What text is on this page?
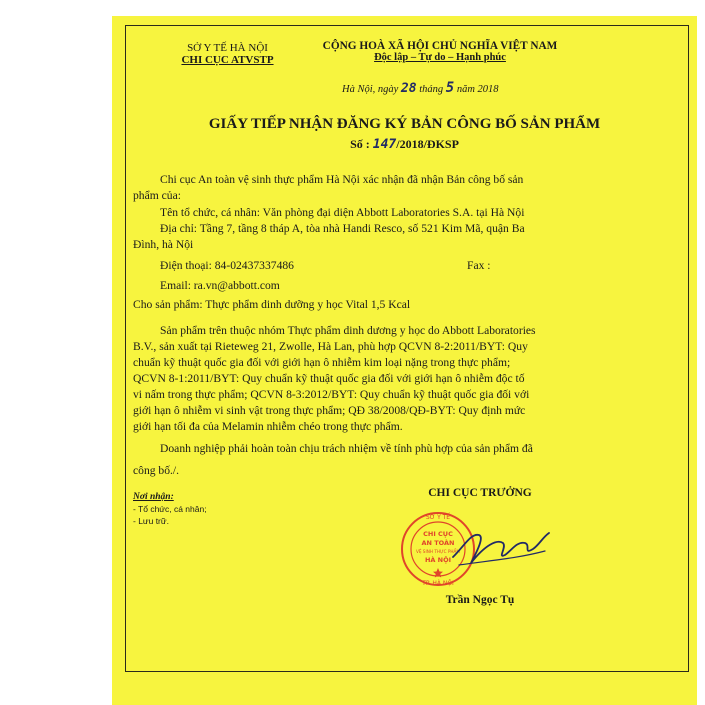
SỞ Y TẾ HÀ NỘI
CHI CỤC ATVSTP
CỘNG HOÀ XÃ HỘI CHỦ NGHĨA VIỆT NAM
Độc lập – Tự do – Hạnh phúc
Hà Nội, ngày 28 tháng 5 năm 2018
GIẤY TIẾP NHẬN ĐĂNG KÝ BẢN CÔNG BỐ SẢN PHẨM
Số : 147/2018/ĐKSP
Chi cục An toàn vệ sinh thực phẩm Hà Nội xác nhận đã nhận Bản công bố sản
phẩm của:
Tên tổ chức, cá nhân: Văn phòng đại diện Abbott Laboratories S.A. tại Hà Nội
Địa chỉ: Tầng 7, tầng 8 tháp A, tòa nhà Handi Resco, số 521 Kim Mã, quận Ba
Đình, hà Nội
Điện thoại: 84-02437337486	Fax :
Email: ra.vn@abbott.com
Cho sản phẩm: Thực phẩm dinh dưỡng y học Vital 1,5 Kcal
Sản phẩm trên thuộc nhóm Thực phẩm dinh dương y học do Abbott Laboratories
B.V., sản xuất tại Rieteweg 21, Zwolle, Hà Lan, phù hợp QCVN 8-2:2011/BYT: Quy
chuẩn kỹ thuật quốc gia đối với giới hạn ô nhiễm kim loại nặng trong thực phẩm;
QCVN 8-1:2011/BYT: Quy chuẩn kỹ thuật quốc gia đối với giới hạn ô nhiễm độc tố
vi nấm trong thực phẩm; QCVN 8-3:2012/BYT: Quy chuẩn kỹ thuật quốc gia đối với
giới hạn ô nhiễm vi sinh vật trong thực phẩm; QĐ 38/2008/QĐ-BYT: Quy định mức
giới hạn tối đa của Melamin nhiễm chéo trong thực phẩm.
Doanh nghiệp phải hoàn toàn chịu trách nhiệm về tính phù hợp của sản phẩm đã
công bố./.
Nơi nhận:
- Tổ chức, cá nhân;
- Lưu trữ.
CHI CỤC TRƯỞNG
SỞ Y TẾ
TP. HÀ NỘI
CHI CỤC
AN TOÀN
VỆ SINH THỰC PHẨM
HÀ NỘI
Trần Ngọc Tụ
